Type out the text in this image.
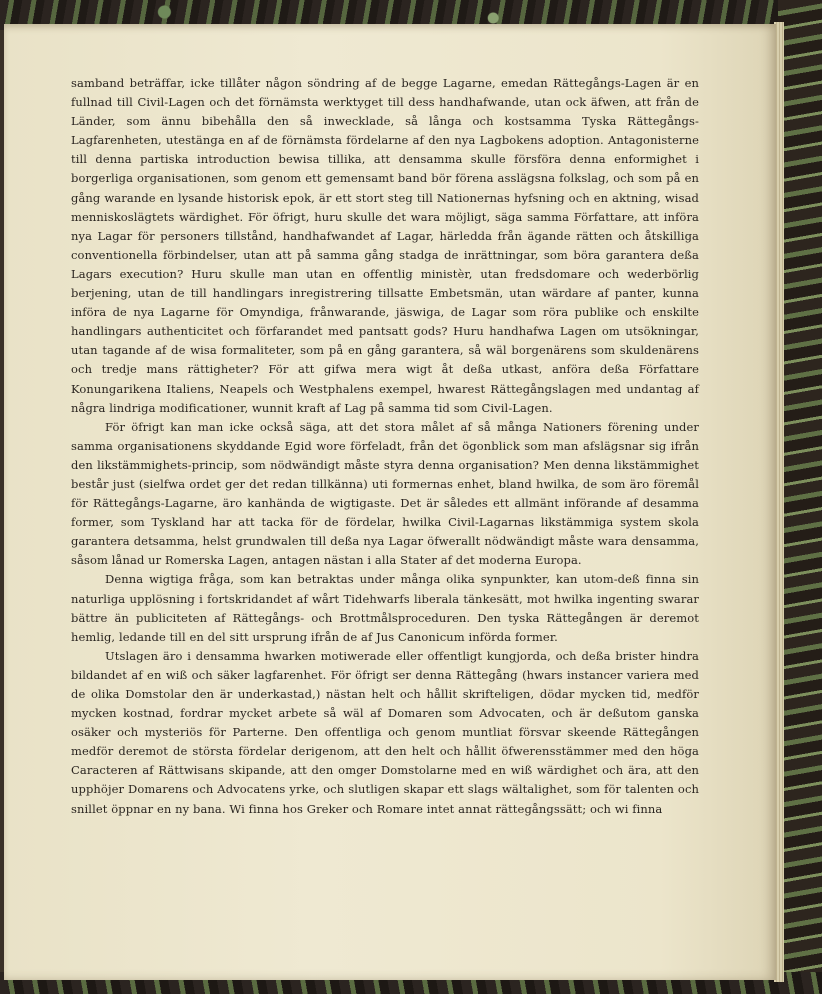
samband beträffar, icke tillåter någon söndring af de begge Lagarne, emedan Rättegångs-Lagen är en fullnad till Civil-Lagen och det förnämsta werktyget till dess handhafwande, utan ock äfwen, att från de Länder, som ännu bibehålla den så inwecklade, så långa och kostsamma Tyska Rättegångs-Lagfarenheten, utestänga en af de förnämsta fördelarne af den nya Lagbokens adoption. Antagonisterne till denna partiska introduction bewisa tillika, att densamma skulle försföra denna enformighet i borgerliga organisationen, som genom ett gemensamt band bör förena asslägsna folkslag, och som på en gång warande en lysande historisk epok, är ett stort steg till Nationernas hyfsning och en aktning, wisad menniskoslägtets wärdighet. För öfrigt, huru skulle det wara möjligt, säga samma Författare, att införa nya Lagar för personers tillstånd, handhafwandet af Lagar, härledda från ägande rätten och åtskilliga conventionella förbindelser, utan att på samma gång stadga de inrättningar, som böra garantera deßa Lagars execution? Huru skulle man utan en offentlig ministèr, utan fredsdomare och wederbörlig berjening, utan de till handlingars inregistrering tillsatte Embetsmän, utan wärdare af panter, kunna införa de nya Lagarne för Omyndiga, frånwarande, jäswiga, de Lagar som röra publike och enskilte handlingars authenticitet och förfarandet med pantsatt gods? Huru handhafwa Lagen om utsökningar, utan tagande af de wisa formaliteter, som på en gång garantera, så wäl borgenärens som skuldenärens och tredje mans rättigheter? För att gifwa mera wigt åt deßa utkast, anföra deßa Författare Konungarikena Italiens, Neapels och Westphalens exempel, hwarest Rättegångslagen med undantag af några lindriga modificationer, wunnit kraft af Lag på samma tid som Civil-Lagen.

För öfrigt kan man icke också säga, att det stora målet af så många Nationers förening under samma organisationens skyddande Egid wore förfeladt, från det ögonblick som man afslägsnar sig ifrån den likstämmighets-princip, som nödwändigt måste styra denna organisation? Men denna likstämmighet består just (sielfwa ordet ger det redan tillkänna) uti formernas enhet, bland hwilka, de som äro föremål för Rättegångs-Lagarne, äro kanhända de wigtigaste. Det är således ett allmänt införande af desamma former, som Tyskland har att tacka för de fördelar, hwilka Civil-Lagarnas likstämmiga system skola garantera detsamma, helst grundwalen till deßa nya Lagar öfwerallt nödwändigt måste wara densamma, såsom lånad ur Romerska Lagen, antagen nästan i alla Stater af det moderna Europa.

Denna wigtiga fråga, som kan betraktas under många olika synpunkter, kan utom-deß finna sin naturliga upplösning i fortskridandet af wårt Tidehwarfs liberala tänkesätt, mot hwilka ingenting swarar bättre än publiciteten af Rättegångs- och Brottmålsproceduren. Den tyska Rättegången är deremot hemlig, ledande till en del sitt ursprung ifrån de af Jus Canonicum införda former.

Utslagen äro i densamma hwarken motiwerade eller offentligt kungjorda, och deßa brister hindra bildandet af en wiß och säker lagfarenhet. För öfrigt ser denna Rättegång (hwars instancer variera med de olika Domstolar den är underkastad,) nästan helt och hållit skrifteligen, dödar mycken tid, medför mycken kostnad, fordrar mycket arbete så wäl af Domaren som Advocaten, och är deßutom ganska osäker och mysteriös för Parterne. Den offentliga och genom muntliat försvar skeende Rättegången medför deremot de största fördelar derigenom, att den helt och hållit öfwerensstämmer med den höga Caracteren af Rättwisans skipande, att den omger Domstolarne med en wiß wärdighet och ära, att den upphöjer Domarens och Advocatens yrke, och slutligen skapar ett slags wältalighet, som för talenten och snillet öppnar en ny bana. Wi finna hos Greker och Romare intet annat rättegångssätt; och wi finna
